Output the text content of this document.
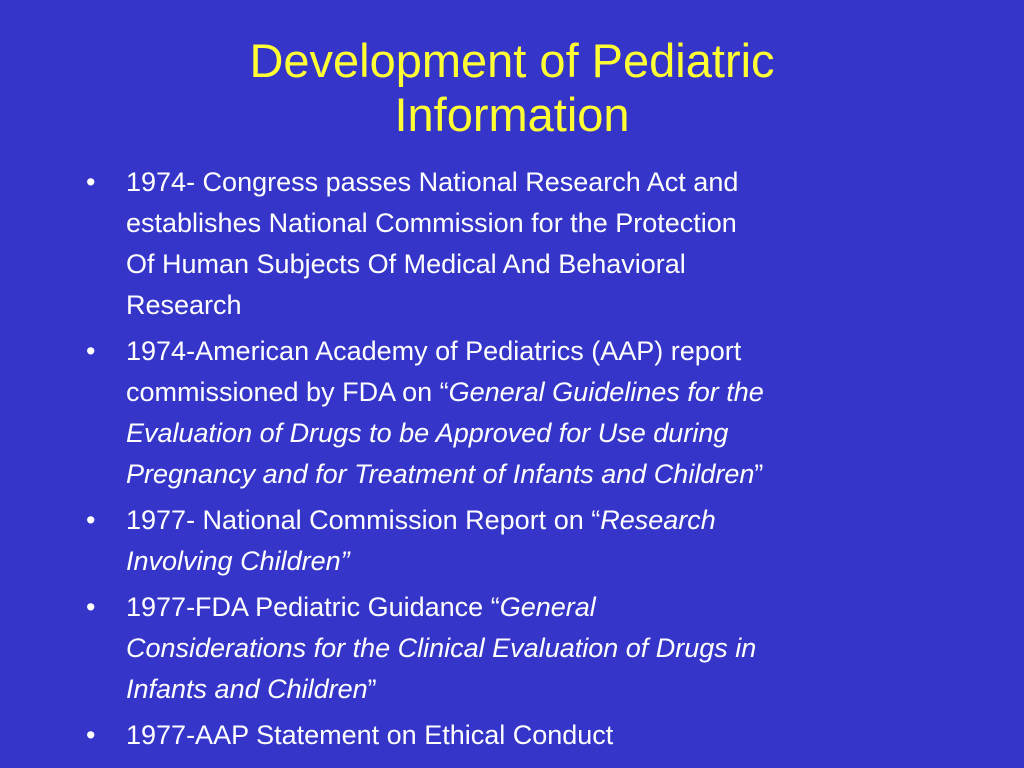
Development of Pediatric
Information
•	1974- Congress passes National Research Act and
establishes National Commission for the Protection
Of Human Subjects Of Medical And Behavioral
Research
•	1974-American Academy of Pediatrics (AAP) report
commissioned by FDA on “General Guidelines for the
Evaluation of Drugs to be Approved for Use during
Pregnancy and for Treatment of Infants and Children”
•	1977- National Commission Report on “Research
Involving Children”
•	1977-FDA Pediatric Guidance “General
Considerations for the Clinical Evaluation of Drugs in
Infants and Children”
•	1977-AAP Statement on Ethical Conduct
